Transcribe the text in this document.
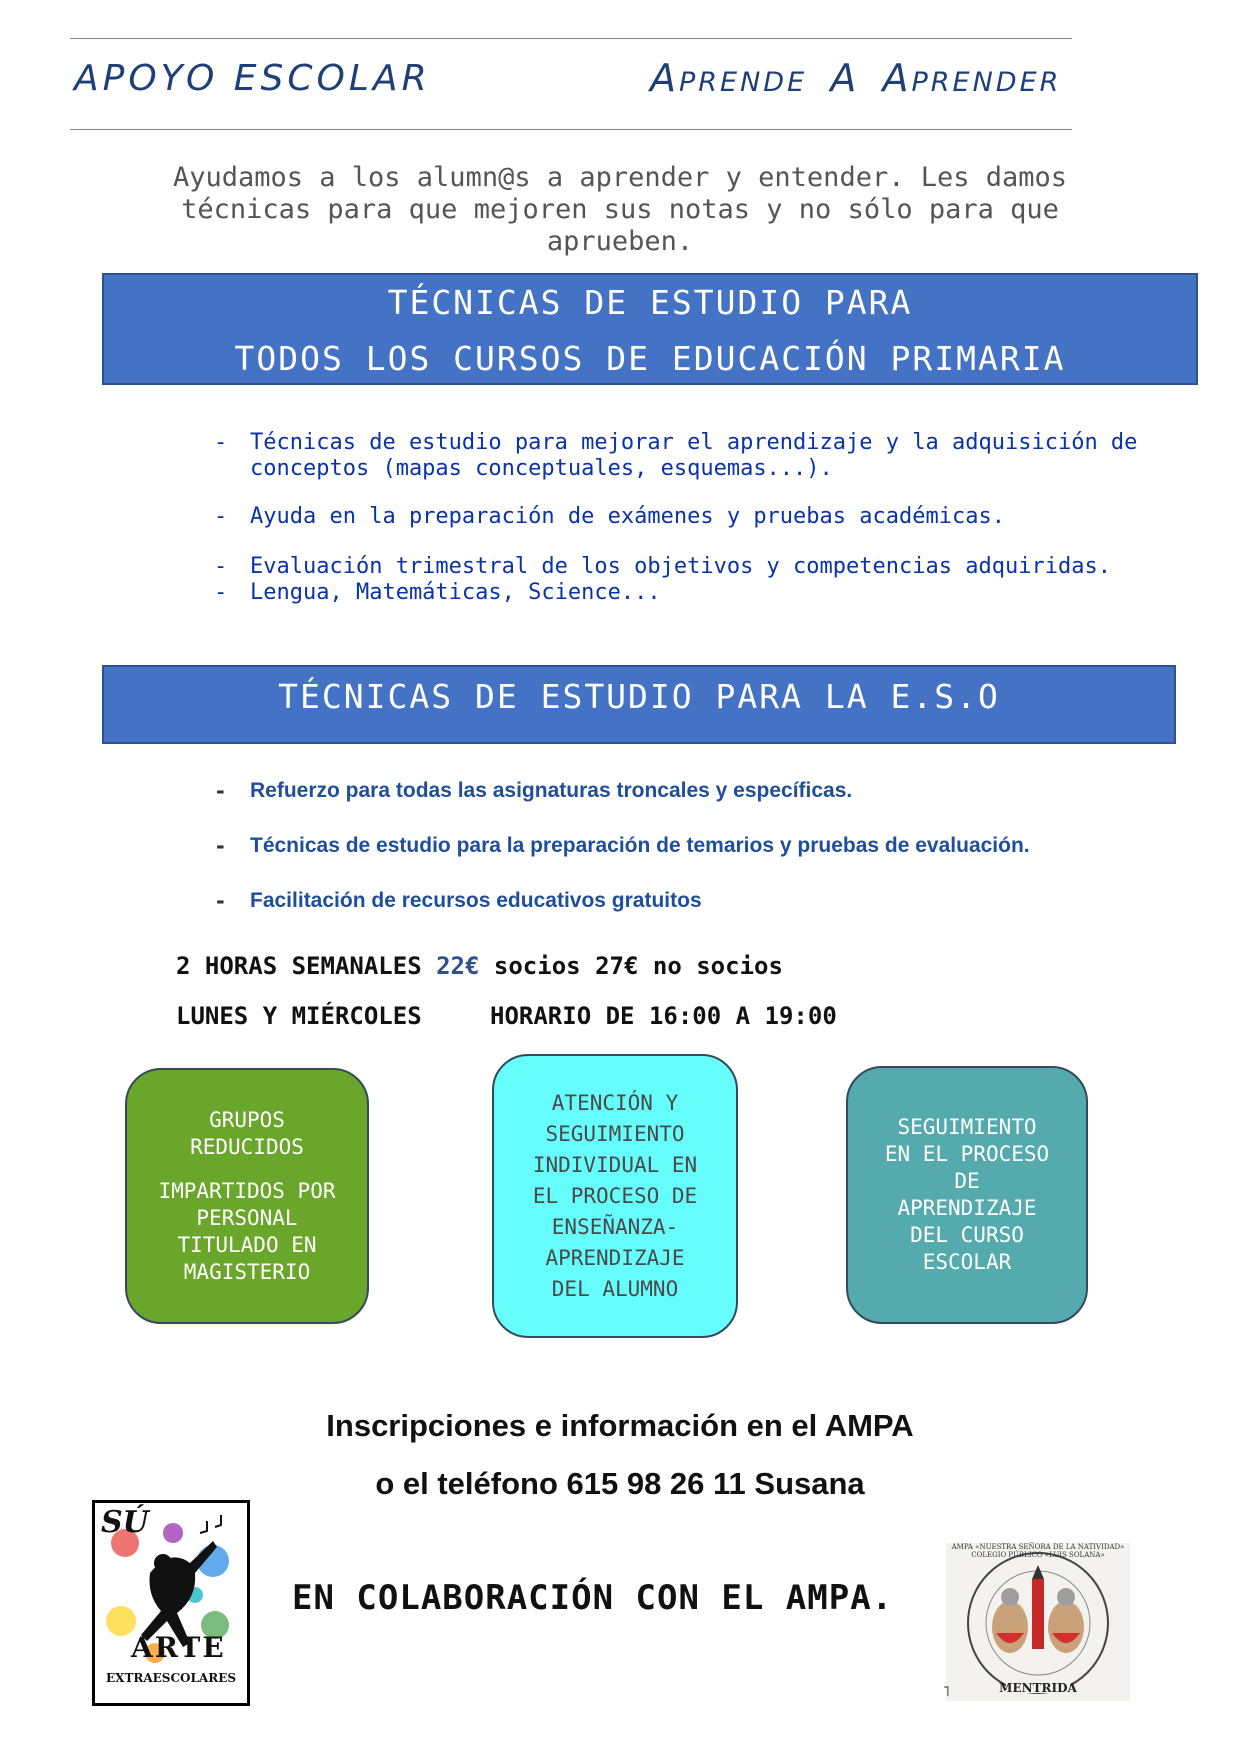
APOYO ESCOLAR	APRENDE A APRENDER
Ayudamos a los alumn@s a aprender y entender. Les damos técnicas para que mejoren sus notas y no sólo para que aprueben.
TÉCNICAS DE ESTUDIO PARA
TODOS LOS CURSOS DE EDUCACIÓN PRIMARIA
- Técnicas de estudio para mejorar el aprendizaje y la adquisición de conceptos (mapas conceptuales, esquemas...).
- Ayuda en la preparación de exámenes y pruebas académicas.
- Evaluación trimestral de los objetivos y competencias adquiridas.
- Lengua, Matemáticas, Science...
TÉCNICAS DE ESTUDIO PARA LA E.S.O
- Refuerzo para todas las asignaturas troncales y específicas.
- Técnicas de estudio para la preparación de temarios y pruebas de evaluación.
- Facilitación de recursos educativos gratuitos
2 HORAS SEMANALES 22€ socios 27€ no socios
LUNES Y MIÉRCOLES	HORARIO DE 16:00 A 19:00

GRUPOS REDUCIDOS

IMPARTIDOS POR PERSONAL TITULADO EN MAGISTERIO

ATENCIÓN Y SEGUIMIENTO INDIVIDUAL EN EL PROCESO DE ENSEÑANZA-APRENDIZAJE DEL ALUMNO

SEGUIMIENTO EN EL PROCESO DE APRENDIZAJE DEL CURSO ESCOLAR

Inscripciones e información en el AMPA
o el teléfono 615 98 26 11 Susana
SÚ
ARTE
EXTRAESCOLARES
EN COLABORACIÓN CON EL AMPA.
AMPA «NUESTRA SEÑORA DE LA NATIVIDAD» COLEGIO PÚBLICO «LUIS SOLANA»
MENTRIDA
˥
